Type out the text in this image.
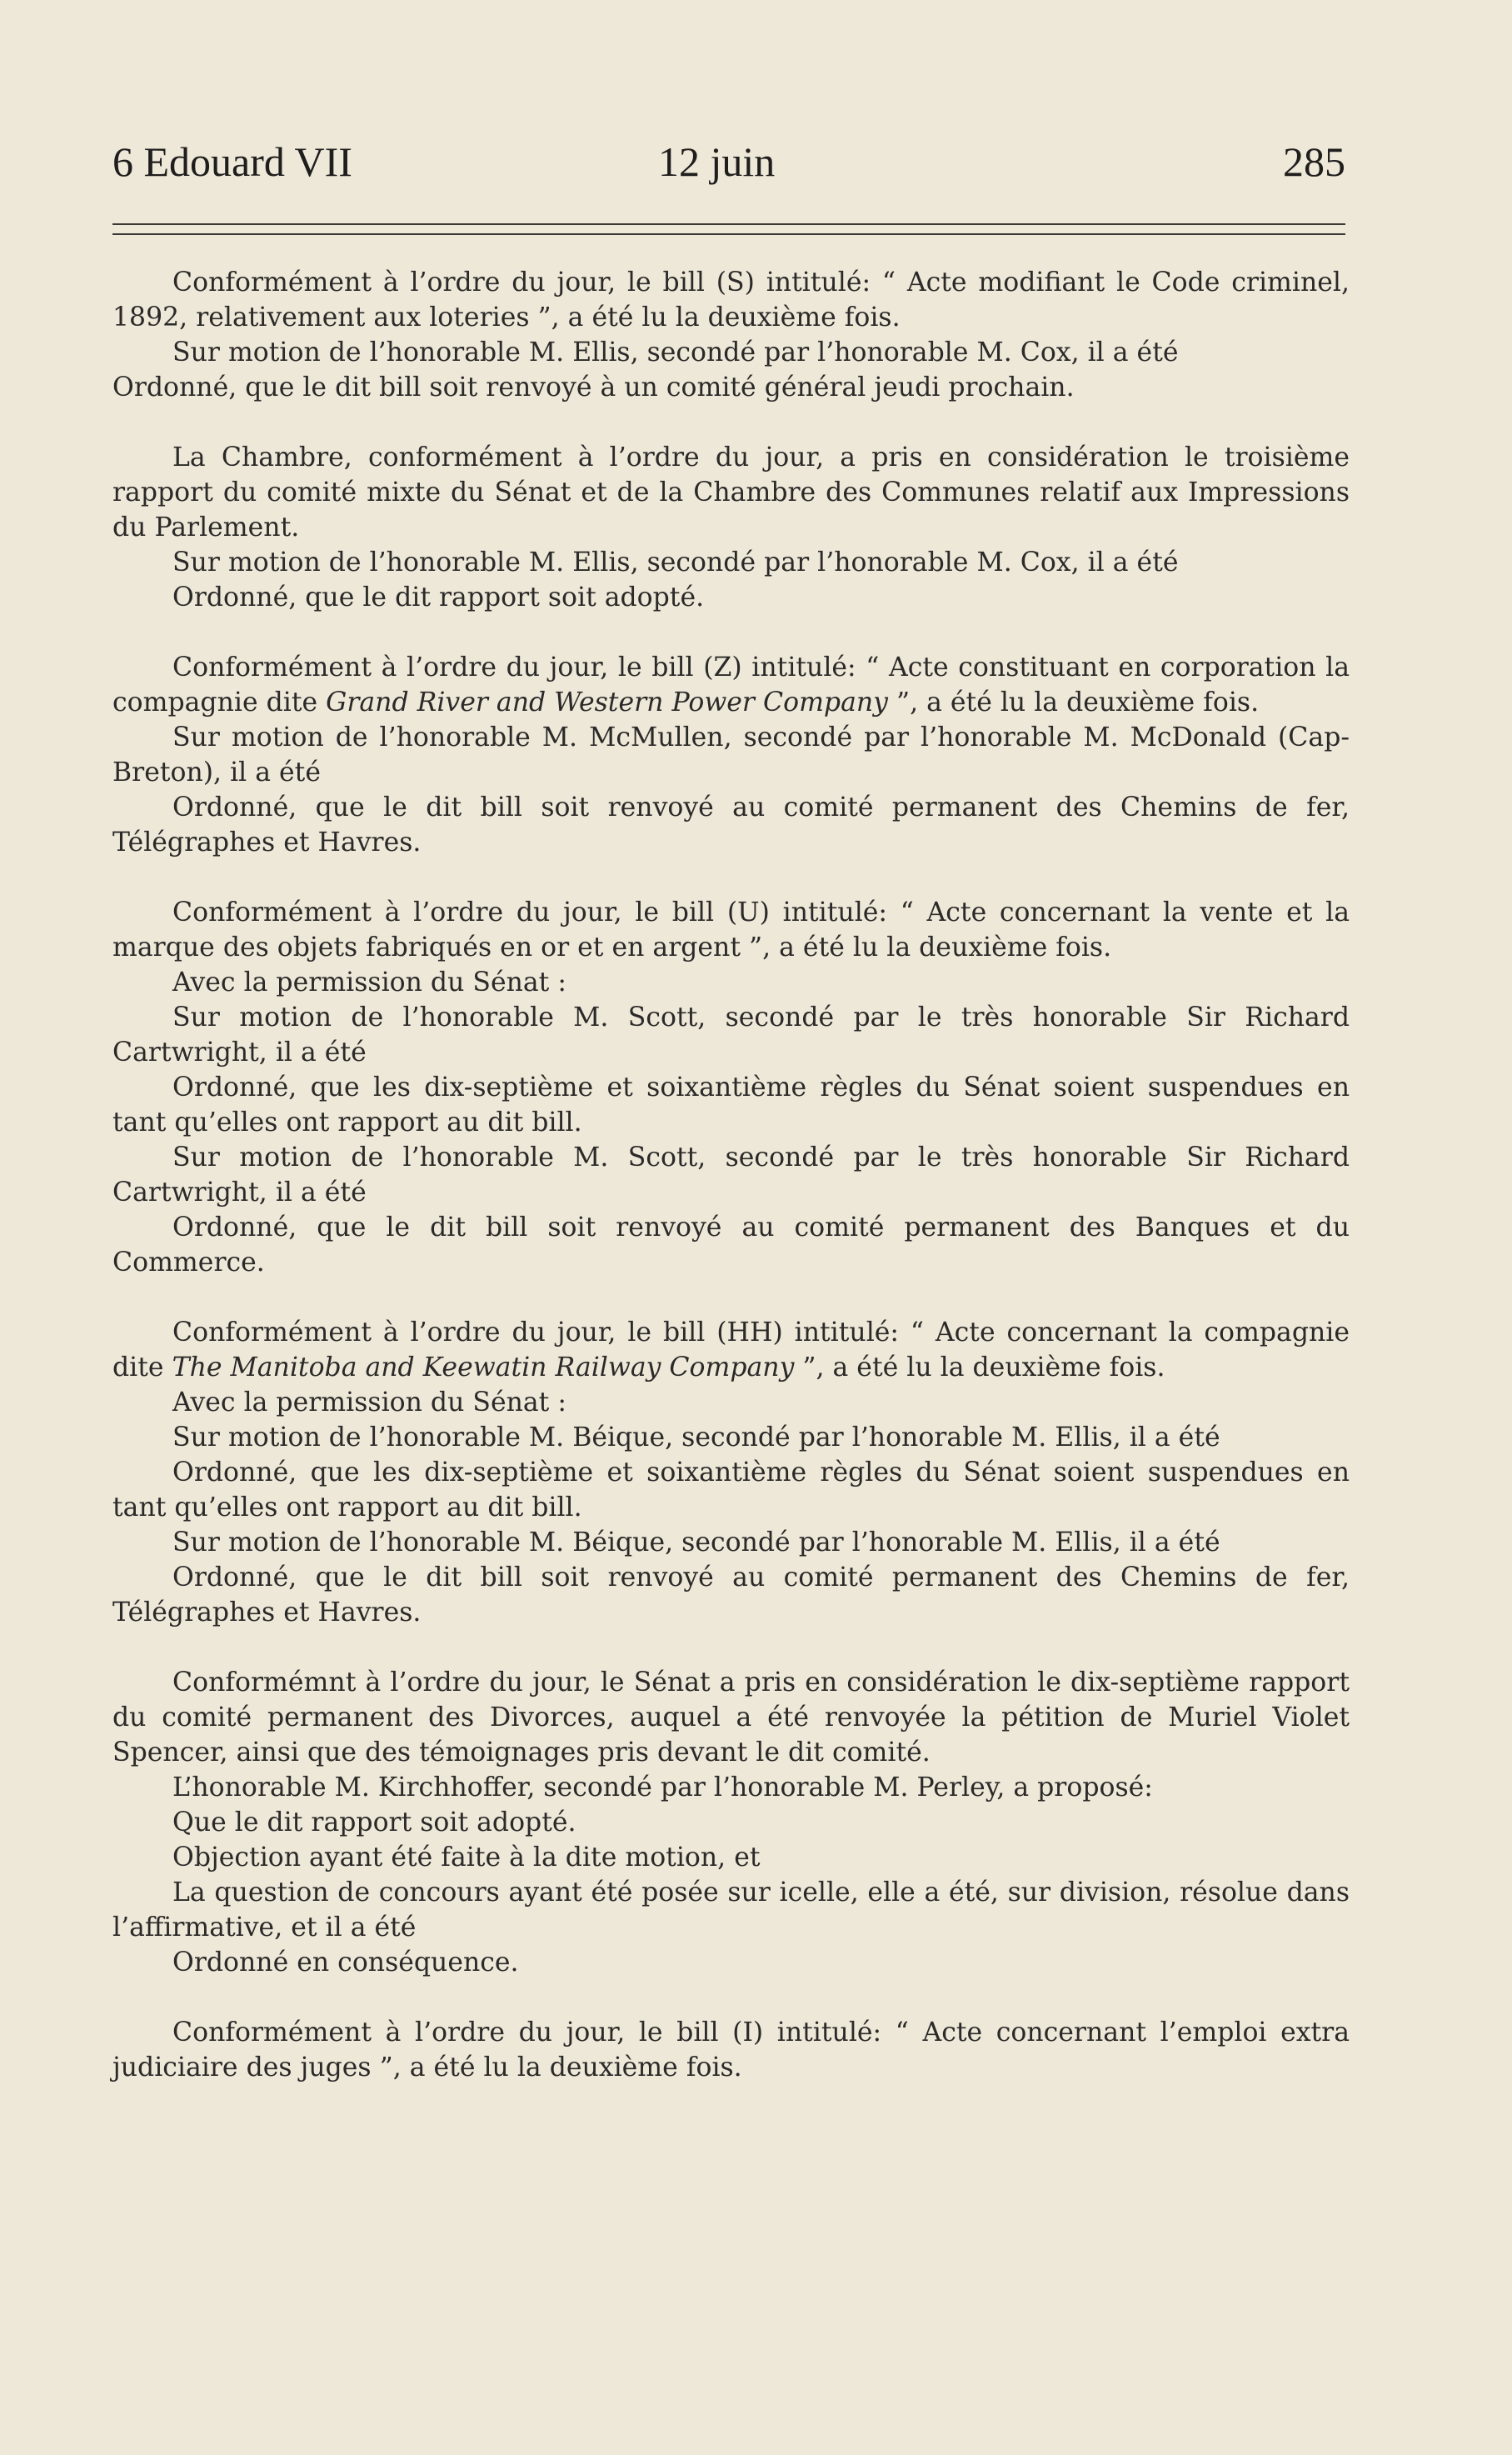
6 Edouard VII	12 juin	285

Conformément à l’ordre du jour, le bill (S) intitulé: “ Acte modifiant le Code criminel, 1892, relativement aux loteries ”, a été lu la deuxième fois.

Sur motion de l’honorable M. Ellis, secondé par l’honorable M. Cox, il a été

Ordonné, que le dit bill soit renvoyé à un comité général jeudi prochain.

La Chambre, conformément à l’ordre du jour, a pris en considération le troisième rapport du comité mixte du Sénat et de la Chambre des Communes relatif aux Impressions du Parlement.

Sur motion de l’honorable M. Ellis, secondé par l’honorable M. Cox, il a été

Ordonné, que le dit rapport soit adopté.

Conformément à l’ordre du jour, le bill (Z) intitulé: “ Acte constituant en corporation la compagnie dite Grand River and Western Power Company ”, a été lu la deuxième fois.

Sur motion de l’honorable M. McMullen, secondé par l’honorable M. McDonald (Cap-Breton), il a été

Ordonné, que le dit bill soit renvoyé au comité permanent des Chemins de fer, Télégraphes et Havres.

Conformément à l’ordre du jour, le bill (U) intitulé: “ Acte concernant la vente et la marque des objets fabriqués en or et en argent ”, a été lu la deuxième fois.

Avec la permission du Sénat :

Sur motion de l’honorable M. Scott, secondé par le très honorable Sir Richard Cartwright, il a été

Ordonné, que les dix-septième et soixantième règles du Sénat soient suspendues en tant qu’elles ont rapport au dit bill.

Sur motion de l’honorable M. Scott, secondé par le très honorable Sir Richard Cartwright, il a été

Ordonné, que le dit bill soit renvoyé au comité permanent des Banques et du Commerce.

Conformément à l’ordre du jour, le bill (HH) intitulé: “ Acte concernant la compagnie dite The Manitoba and Keewatin Railway Company ”, a été lu la deuxième fois.

Avec la permission du Sénat :

Sur motion de l’honorable M. Béique, secondé par l’honorable M. Ellis, il a été

Ordonné, que les dix-septième et soixantième règles du Sénat soient suspendues en tant qu’elles ont rapport au dit bill.

Sur motion de l’honorable M. Béique, secondé par l’honorable M. Ellis, il a été

Ordonné, que le dit bill soit renvoyé au comité permanent des Chemins de fer, Télégraphes et Havres.

Conformémnt à l’ordre du jour, le Sénat a pris en considération le dix-septième rapport du comité permanent des Divorces, auquel a été renvoyée la pétition de Muriel Violet Spencer, ainsi que des témoignages pris devant le dit comité.

L’honorable M. Kirchhoffer, secondé par l’honorable M. Perley, a proposé:

Que le dit rapport soit adopté.

Objection ayant été faite à la dite motion, et

La question de concours ayant été posée sur icelle, elle a été, sur division, résolue dans l’affirmative, et il a été

Ordonné en conséquence.

Conformément à l’ordre du jour, le bill (I) intitulé: “ Acte concernant l’emploi extra judiciaire des juges ”, a été lu la deuxième fois.
